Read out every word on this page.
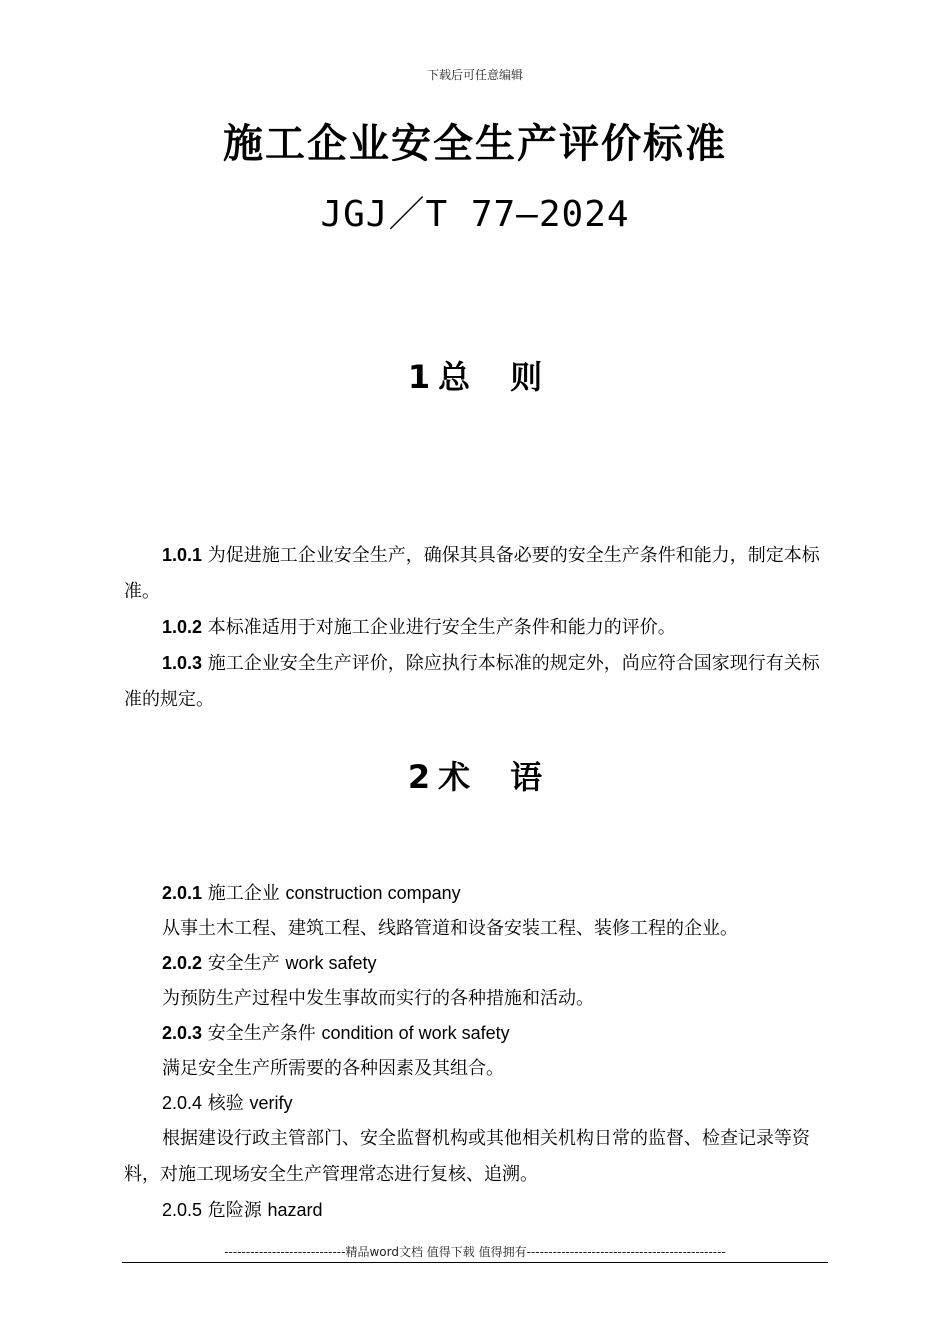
下载后可任意编辑
施工企业安全生产评价标准
JGJ／T 77—2024
1 总 则
1.0.1 为促进施工企业安全生产，确保其具备必要的安全生产条件和能力，制定本标准。
1.0.2 本标准适用于对施工企业进行安全生产条件和能力的评价。
1.0.3 施工企业安全生产评价，除应执行本标准的规定外，尚应符合国家现行有关标准的规定。
2 术 语
2.0.1 施工企业 construction company
从事土木工程、建筑工程、线路管道和设备安装工程、装修工程的企业。
2.0.2 安全生产 work safety
为预防生产过程中发生事故而实行的各种措施和活动。
2.0.3 安全生产条件 condition of work safety
满足安全生产所需要的各种因素及其组合。
2.0.4 核验 verify
根据建设行政主管部门、安全监督机构或其他相关机构日常的监督、检查记录等资料，对施工现场安全生产管理常态进行复核、追溯。
2.0.5 危险源 hazard
----------------------------精品word文档 值得下载 值得拥有----------------------------------------------
